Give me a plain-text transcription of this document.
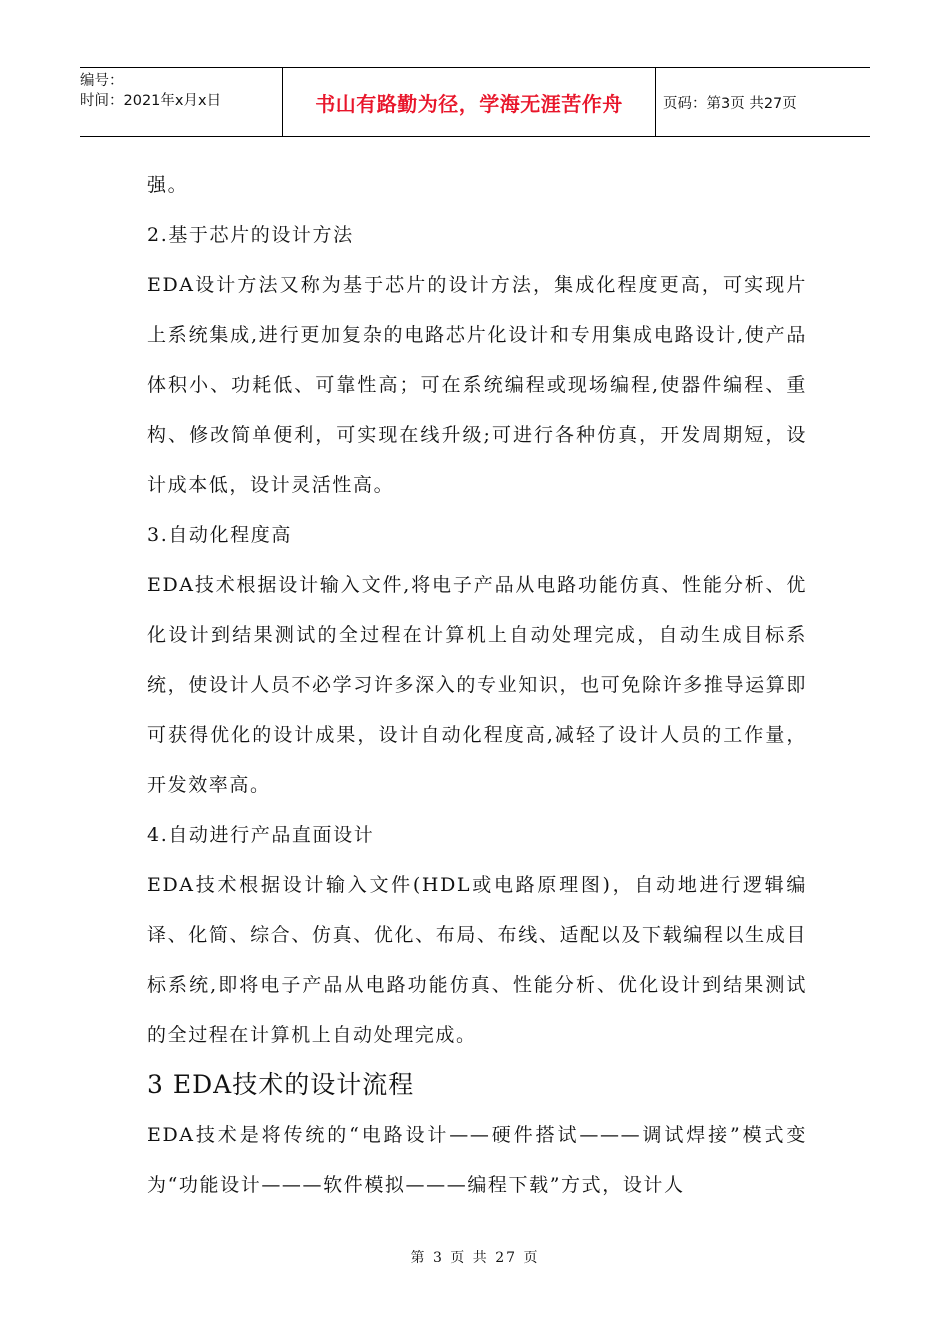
编号：
时间：2021年x月x日	书山有路勤为径，学海无涯苦作舟	页码：第3页 共27页

强。

2.基于芯片的设计方法

EDA设计方法又称为基于芯片的设计方法，集成化程度更高，可实现片上系统集成,进行更加复杂的电路芯片化设计和专用集成电路设计,使产品体积小、功耗低、可靠性高；可在系统编程或现场编程,使器件编程、重构、修改简单便利，可实现在线升级;可进行各种仿真，开发周期短，设计成本低，设计灵活性高。

3.自动化程度高

EDA技术根据设计输入文件,将电子产品从电路功能仿真、性能分析、优化设计到结果测试的全过程在计算机上自动处理完成，自动生成目标系统，使设计人员不必学习许多深入的专业知识，也可免除许多推导运算即可获得优化的设计成果，设计自动化程度高,减轻了设计人员的工作量，开发效率高。

4.自动进行产品直面设计

EDA技术根据设计输入文件(HDL或电路原理图)，自动地进行逻辑编译、化简、综合、仿真、优化、布局、布线、适配以及下载编程以生成目标系统,即将电子产品从电路功能仿真、性能分析、优化设计到结果测试的全过程在计算机上自动处理完成。

3 EDA技术的设计流程

EDA技术是将传统的“电路设计——硬件搭试———调试焊接”模式变为“功能设计———软件模拟———编程下载”方式，设计人

第 3 页 共 27 页
